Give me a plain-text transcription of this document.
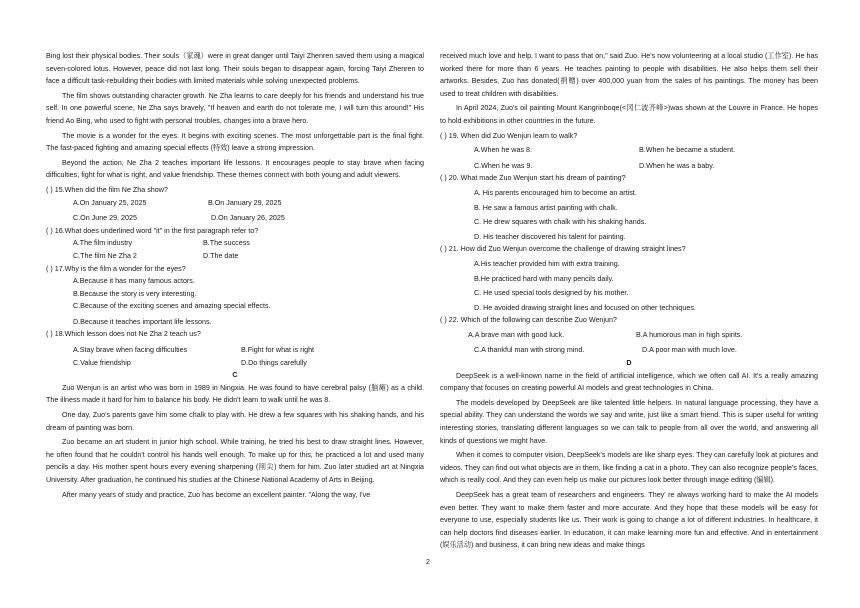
Bing lost their physical bodies. Their souls（家魂）were in great danger until Taiyi Zhenren saved them using a magical seven-colored lotus. However, peace did not last long. Their souls began to disappear again, forcing Taiyi Zhenren to face a difficult task-rebuilding their bodies with limited materials while solving unexpected problems.

The film shows outstanding character growth. Ne Zha learns to care deeply for his friends and understand his true self. In one powerful scene, Ne Zha says bravely, "If heaven and earth do not tolerate me, I will turn this around!" His friend Ao Bing, who used to fight with personal troubles, changes into a brave hero.

The movie is a wonder for the eyes. It begins with exciting scenes. The most unforgettable part is the final fight. The fast-paced fighting and amazing special effects (特效) leave a strong impression.

Beyond the action, Ne Zha 2 teaches important life lessons. It encourages people to stay brave when facing difficulties, fight for what is right, and value friendship. These themes connect with both young and adult viewers.

( ) 15.When did the film Ne Zha show?
A.On January 25, 2025	B.On January 29, 2025
C.On June 29, 2025	D.On January 26, 2025
( ) 16.What does underlined word "it" in the first paragraph refer to?
A.The film industry	B.The success
C.The film Ne Zha 2	D.The date
( ) 17.Why is the film a wonder for the eyes?
A.Because it has many famous actors.
B.Because the story is very interesting.
C.Because of the exciting scenes and amazing special effects.
D.Because it teaches important life lessons.
( ) 18.Which lesson does not Ne Zha 2 teach us?
A.Stay brave when facing difficulties	B.Fight for what is right
C.Value friendship	D.Do things carefully
C

Zuo Wenjun is an artist who was born in 1989 in Ningxia. He was found to have cerebral palsy (脑瘫) as a child. The illness made it hard for him to balance his body. He didn't learn to walk until he was 8.

One day, Zuo's parents gave him some chalk to play with. He drew a few squares with his shaking hands, and his dream of painting was born.

Zuo became an art student in junior high school. While training, he tried his best to draw straight lines. However, he often found that he couldn't control his hands well enough. To make up for this, he practiced a lot and used many pencils a day. His mother spent hours every evening sharpening (削尖) them for him. Zuo later studied art at Ningxia University. After graduation, he continued his studies at the Chinese National Academy of Arts in Beijing.

After many years of study and practice, Zuo has become an excellent painter. "Along the way, I've

received much love and help. I want to pass that on," said Zuo. He's now volunteering at a local studio (工作室). He has worked there for more than 6 years. He teaches painting to people with disabilities. He also helps them sell their artworks. Besides, Zuo has donated(捐赠) over 400,000 yuan from the sales of his paintings. The money has been used to treat children with disabilities.

In April 2024, Zuo's oil painting Mount Kangrinboqe(<冈仁波齐峰>)was shown at the Louvre in France. He hopes to hold exhibitions in other countries in the future.

( ) 19. When did Zuo Wenjun learn to walk?
A.When he was 8.	B.When he became a student.
C.When he was 9.	D.When he was a baby.
( ) 20. What made Zuo Wenjun start his dream of painting?
A. His parents encouraged him to become an artist.
B. He saw a famous artist painting with chalk.
C. He drew squares with chalk with his shaking hands.
D. His teacher discovered his talent for painting.
( ) 21. How did Zuo Wenjun overcome the challenge of drawing straight lines?
A.His teacher provided him with extra training.
B.He practiced hard with many pencils daily.
C. He used special tools designed by his mother.
D. He avoided drawing straight lines and focused on other techniques.
( ) 22. Which of the following can describe Zuo Wenjun?
A.A brave man with good luck.	B.A humorous man in high spirits.
C.A thankful man with strong mind.	D.A poor man with much love.
D

DeepSeek is a well-known name in the field of artificial intelligence, which we often call AI. It's a really amazing company that focuses on creating powerful AI models and great technologies in China.

The models developed by DeepSeek are like talented little helpers. In natural language processing, they have a special ability. They can understand the words we say and write, just like a smart friend. This is super useful for writing interesting stories, translating different languages so we can talk to people from all over the world, and answering all kinds of questions we might have.

When it comes to computer vision, DeepSeek's models are like sharp eyes. They can carefully look at pictures and videos. They can find out what objects are in them, like finding a cat in a photo. They can also recognize people's faces, which is really cool. And they can even help us make our pictures look better through image editing (编辑).

DeepSeek has a great team of researchers and engineers. They' re always working hard to make the AI models even better. They want to make them faster and more accurate. And they hope that these models will be easy for everyone to use, especially students like us. Their work is going to change a lot of different industries. In healthcare, it can help doctors find diseases earlier. In education, it can make learning more fun and effective. And in entertainment (娱乐活动) and business, it can bring new ideas and make things

2
